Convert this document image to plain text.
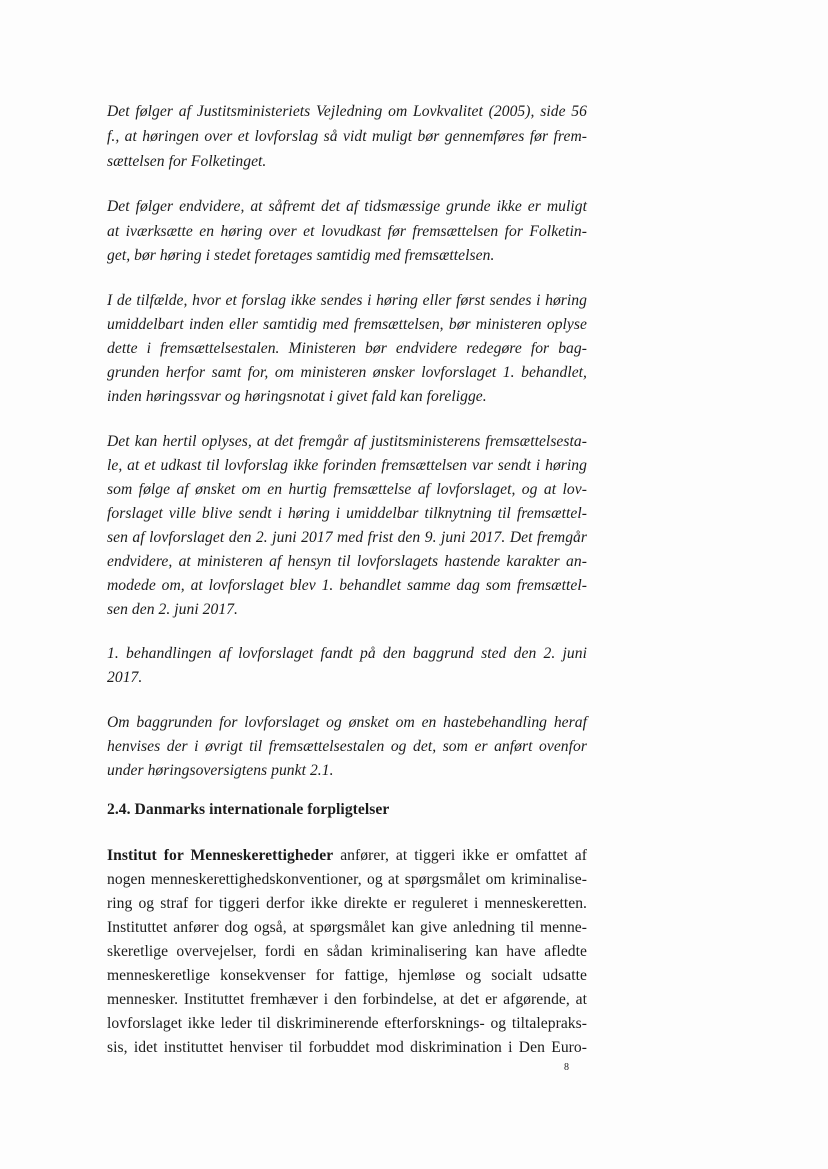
Det følger af Justitsministeriets Vejledning om Lovkvalitet (2005), side 56
f., at høringen over et lovforslag så vidt muligt bør gennemføres før frem-
sættelsen for Folketinget.
Det følger endvidere, at såfremt det af tidsmæssige grunde ikke er muligt
at iværksætte en høring over et lovudkast før fremsættelsen for Folketin-
get, bør høring i stedet foretages samtidig med fremsættelsen.
I de tilfælde, hvor et forslag ikke sendes i høring eller først sendes i høring
umiddelbart inden eller samtidig med fremsættelsen, bør ministeren oplyse
dette i fremsættelsestalen. Ministeren bør endvidere redegøre for bag-
grunden herfor samt for, om ministeren ønsker lovforslaget 1. behandlet,
inden høringssvar og høringsnotat i givet fald kan foreligge.
Det kan hertil oplyses, at det fremgår af justitsministerens fremsættelsesta-
le, at et udkast til lovforslag ikke forinden fremsættelsen var sendt i høring
som følge af ønsket om en hurtig fremsættelse af lovforslaget, og at lov-
forslaget ville blive sendt i høring i umiddelbar tilknytning til fremsættel-
sen af lovforslaget den 2. juni 2017 med frist den 9. juni 2017. Det fremgår
endvidere, at ministeren af hensyn til lovforslagets hastende karakter an-
modede om, at lovforslaget blev 1. behandlet samme dag som fremsættel-
sen den 2. juni 2017.
1. behandlingen af lovforslaget fandt på den baggrund sted den 2. juni
2017.
Om baggrunden for lovforslaget og ønsket om en hastebehandling heraf
henvises der i øvrigt til fremsættelsestalen og det, som er anført ovenfor
under høringsoversigtens punkt 2.1.
2.4. Danmarks internationale forpligtelser
Institut for Menneskerettigheder anfører, at tiggeri ikke er omfattet af
nogen menneskerettighedskonventioner, og at spørgsmålet om kriminalise-
ring og straf for tiggeri derfor ikke direkte er reguleret i menneskeretten.
Instituttet anfører dog også, at spørgsmålet kan give anledning til menne-
skeretlige overvejelser, fordi en sådan kriminalisering kan have afledte
menneskeretlige konsekvenser for fattige, hjemløse og socialt udsatte
mennesker. Instituttet fremhæver i den forbindelse, at det er afgørende, at
lovforslaget ikke leder til diskriminerende efterforsknings- og tiltalepraks-
sis, idet instituttet henviser til forbuddet mod diskrimination i Den Euro-
8
